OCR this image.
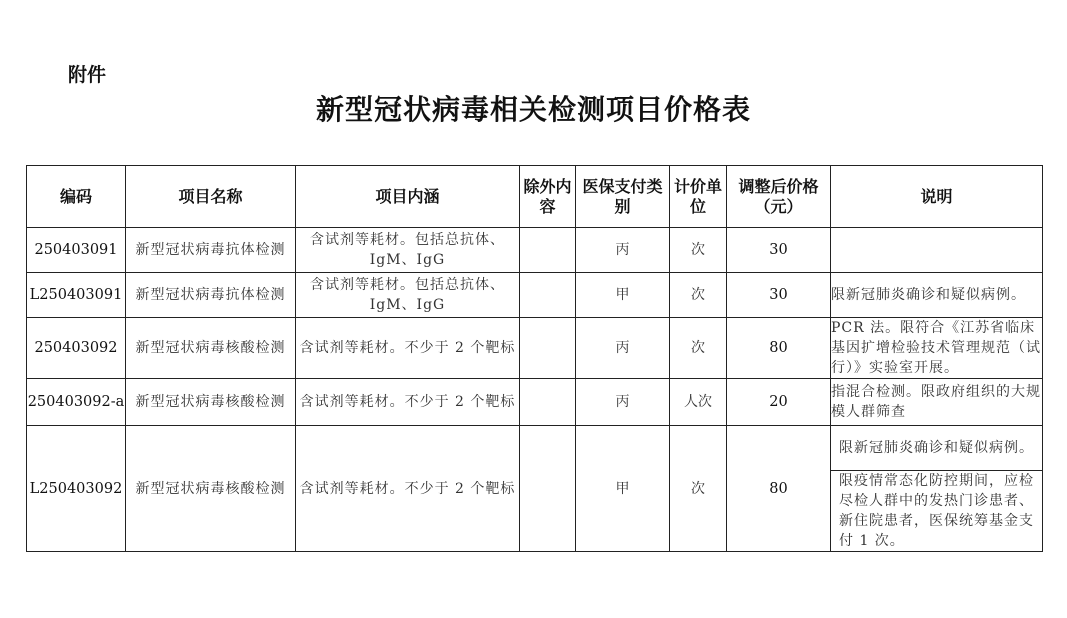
附件
新型冠状病毒相关检测项目价格表
编码	项目名称	项目内涵	除外内容	医保支付类别	计价单位	调整后价格（元）	说明
250403091	新型冠状病毒抗体检测	含试剂等耗材。包括总抗体、IgM、IgG		丙	次	30	
L250403091	新型冠状病毒抗体检测	含试剂等耗材。包括总抗体、IgM、IgG		甲	次	30	限新冠肺炎确诊和疑似病例。
250403092	新型冠状病毒核酸检测	含试剂等耗材。不少于 2 个靶标		丙	次	80	PCR 法。限符合《江苏省临床基因扩增检验技术管理规范（试行）》实验室开展。
250403092-a	新型冠状病毒核酸检测	含试剂等耗材。不少于 2 个靶标		丙	人次	20	指混合检测。限政府组织的大规模人群筛查
L250403092	新型冠状病毒核酸检测	含试剂等耗材。不少于 2 个靶标		甲	次	80	限新冠肺炎确诊和疑似病例。
限疫情常态化防控期间，应检尽检人群中的发热门诊患者、新住院患者，医保统筹基金支付 1 次。
